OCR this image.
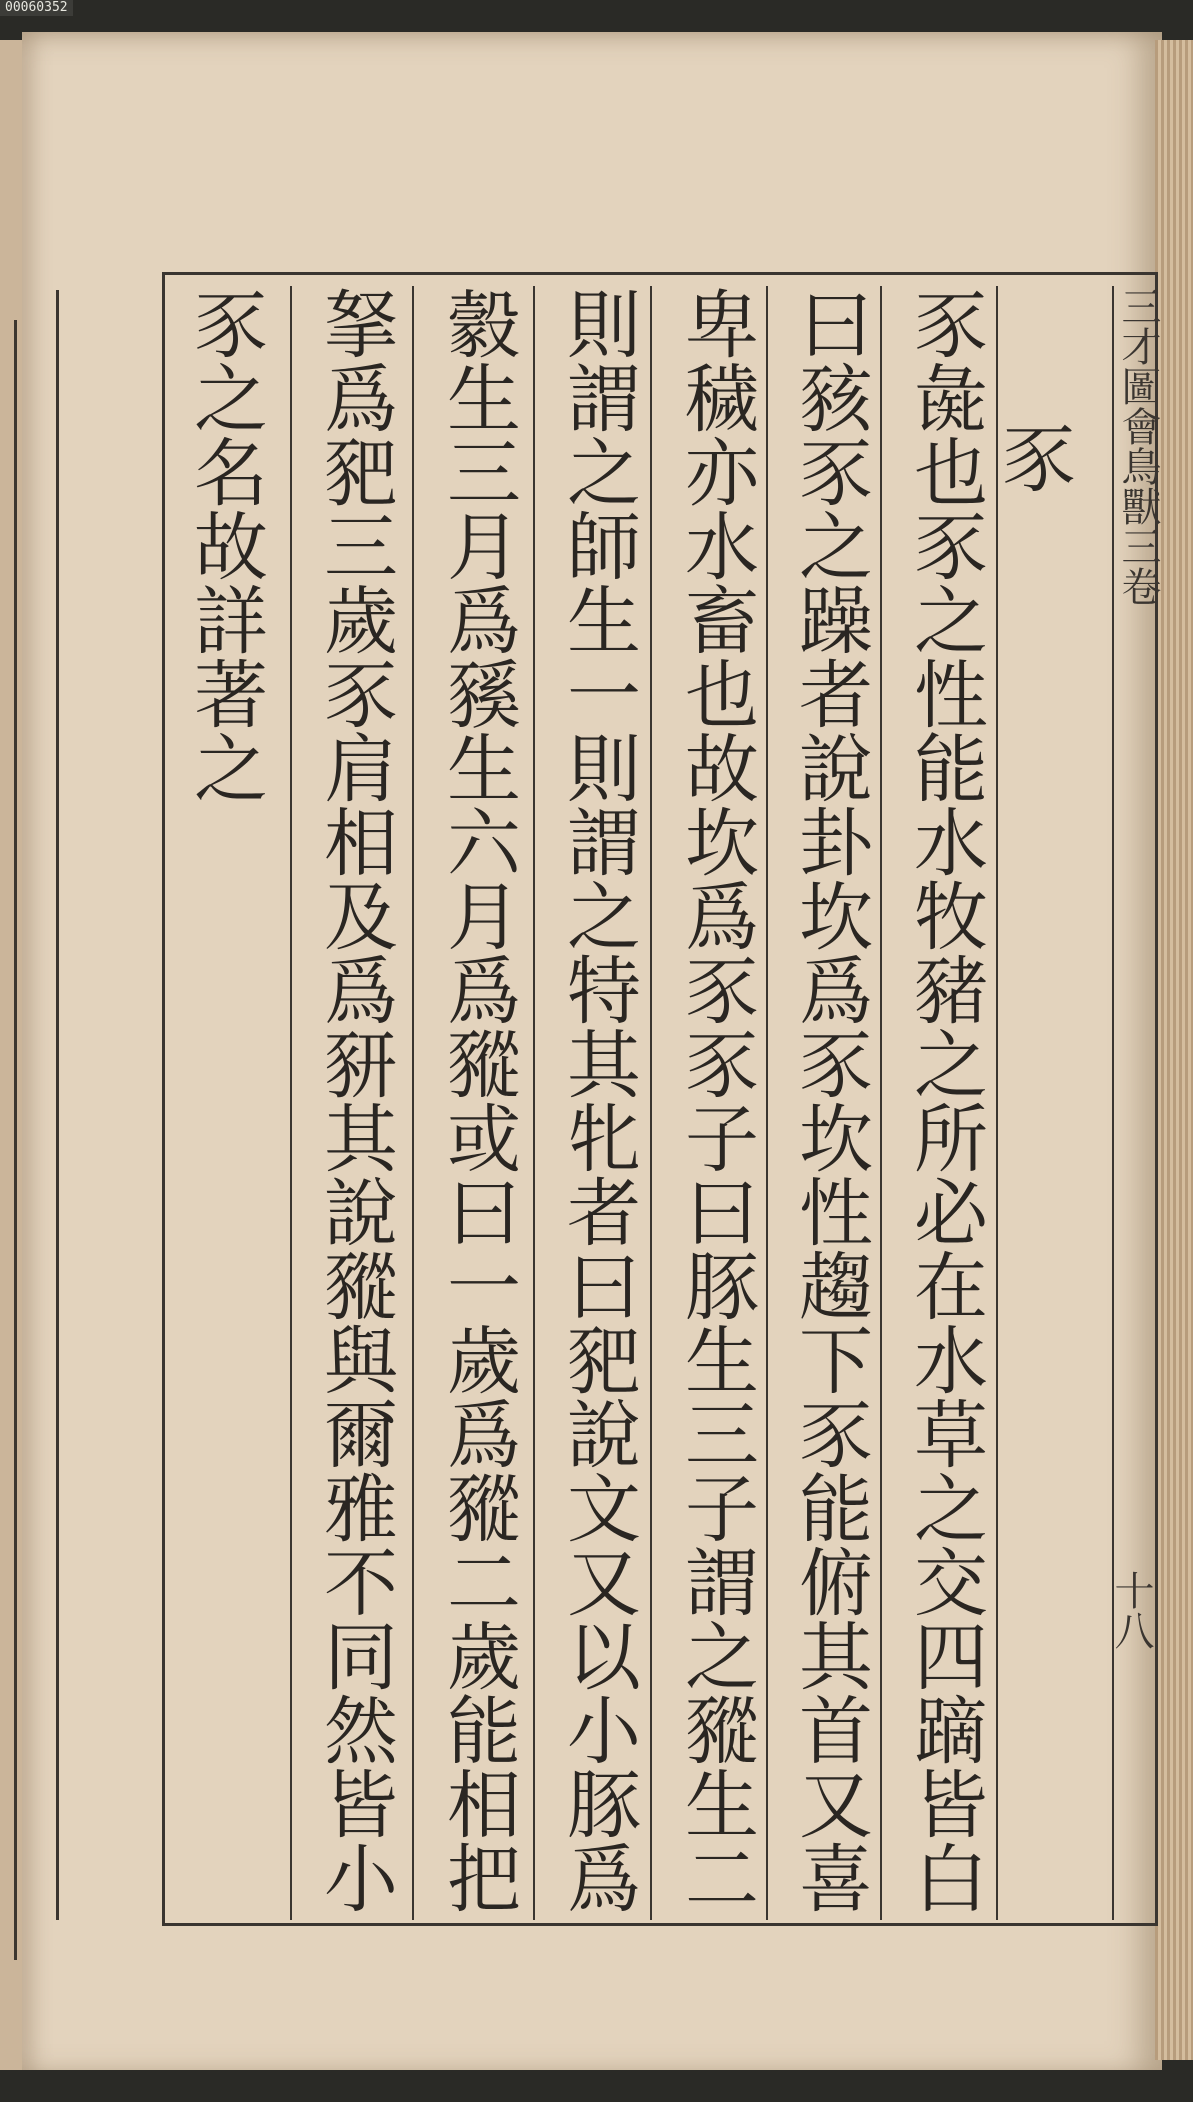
00060352
豕
豕彘也豕之性能水牧豬之所必在水草之交四蹢皆白
曰豥豕之躁者說卦坎爲豕坎性趨下豕能俯其首又喜
卑穢亦水畜也故坎爲豕豕子曰豚生三子謂之豵生二
則謂之師生一則謂之特其牝者曰豝說文又以小豚爲
豰生三月爲豯生六月爲豵或曰一歲爲豵二歲能相把
拏爲豝三歲豕肩相及爲豜其說豵與爾雅不同然皆小
豕之名故詳著之	三才圖會鳥獸三卷
十八
